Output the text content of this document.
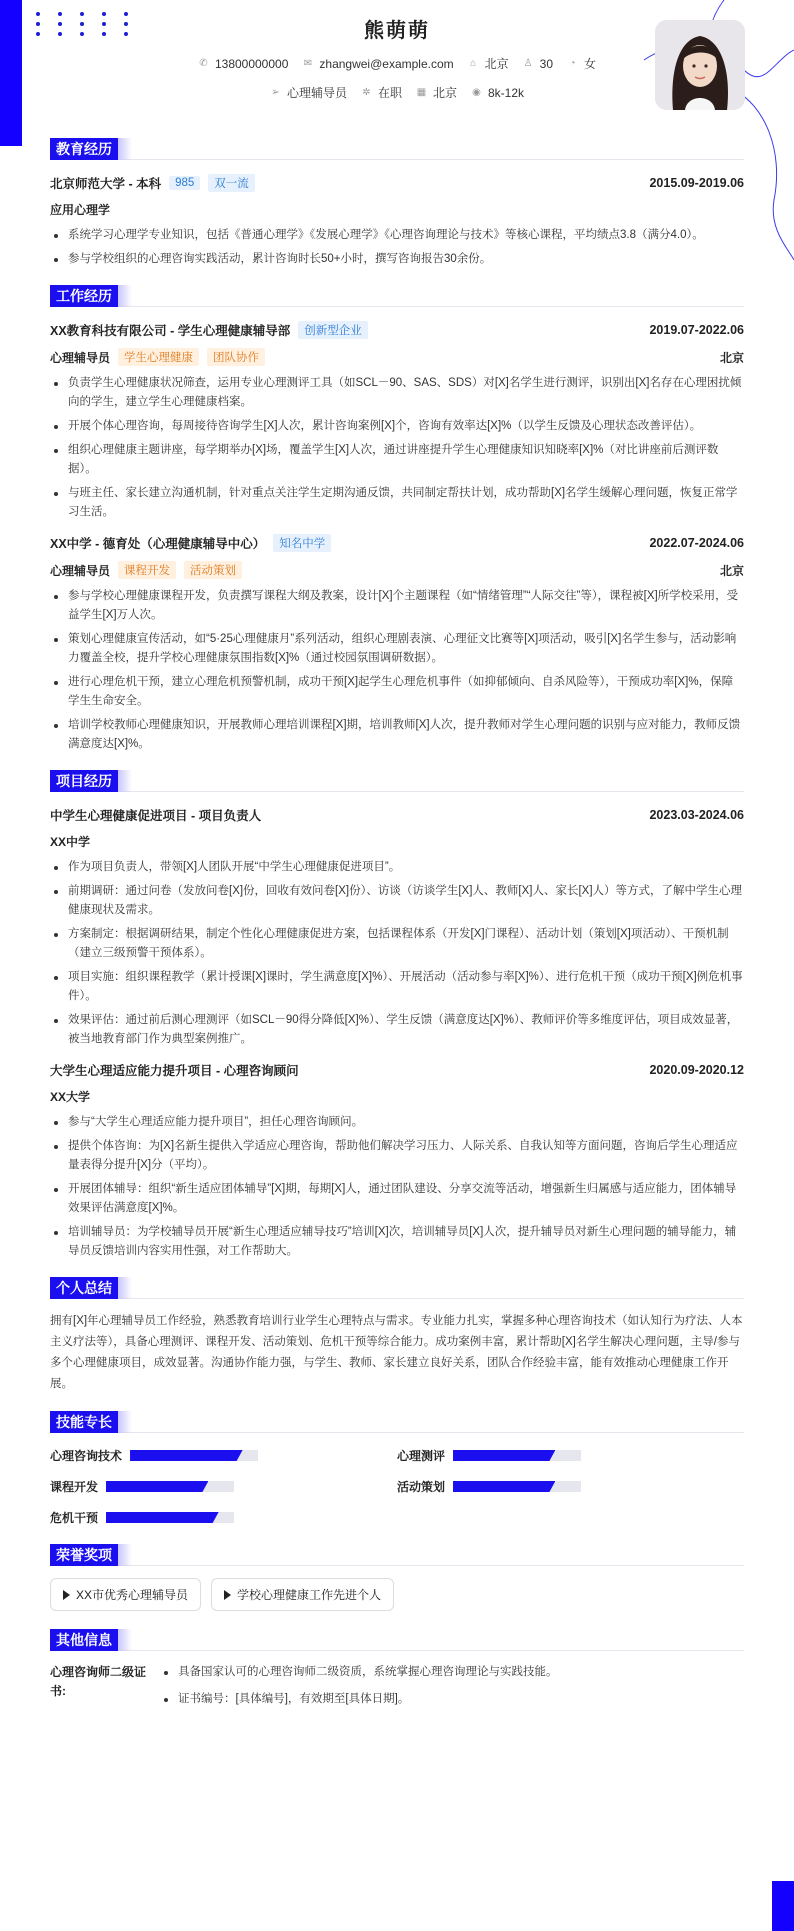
熊萌萌
✆ 13800000000 ✉ zhangwei@example.com ⌂ 北京 ♙ 30 ◔ 女
➢ 心理辅导员 ✲ 在职 ▦ 北京 ◉ 8k-12k
教育经历
北京师范大学 - 本科	985	双一流	2015.09-2019.06
应用心理学
系统学习心理学专业知识，包括《普通心理学》《发展心理学》《心理咨询理论与技术》等核心课程，平均绩点3.8（满分4.0）。
参与学校组织的心理咨询实践活动，累计咨询时长50+小时，撰写咨询报告30余份。
工作经历
XX教育科技有限公司 - 学生心理健康辅导部	创新型企业	2019.07-2022.06
心理辅导员	学生心理健康	团队协作	北京
负责学生心理健康状况筛查，运用专业心理测评工具（如SCL－90、SAS、SDS）对[X]名学生进行测评，识别出[X]名存在心理困扰倾向的学生，建立学生心理健康档案。
开展个体心理咨询，每周接待咨询学生[X]人次，累计咨询案例[X]个，咨询有效率达[X]%（以学生反馈及心理状态改善评估）。
组织心理健康主题讲座，每学期举办[X]场，覆盖学生[X]人次，通过讲座提升学生心理健康知识知晓率[X]%（对比讲座前后测评数据）。
与班主任、家长建立沟通机制，针对重点关注学生定期沟通反馈，共同制定帮扶计划，成功帮助[X]名学生缓解心理问题，恢复正常学习生活。
XX中学 - 德育处（心理健康辅导中心）	知名中学	2022.07-2024.06
心理辅导员	课程开发	活动策划	北京
参与学校心理健康课程开发，负责撰写课程大纲及教案，设计[X]个主题课程（如“情绪管理”“人际交往”等），课程被[X]所学校采用，受益学生[X]万人次。
策划心理健康宣传活动，如“5·25心理健康月”系列活动，组织心理剧表演、心理征文比赛等[X]项活动，吸引[X]名学生参与，活动影响力覆盖全校，提升学校心理健康氛围指数[X]%（通过校园氛围调研数据）。
进行心理危机干预，建立心理危机预警机制，成功干预[X]起学生心理危机事件（如抑郁倾向、自杀风险等），干预成功率[X]%，保障学生生命安全。
培训学校教师心理健康知识，开展教师心理培训课程[X]期，培训教师[X]人次，提升教师对学生心理问题的识别与应对能力，教师反馈满意度达[X]%。
项目经历
中学生心理健康促进项目 - 项目负责人	2023.03-2024.06
XX中学
作为项目负责人，带领[X]人团队开展“中学生心理健康促进项目”。
前期调研：通过问卷（发放问卷[X]份，回收有效问卷[X]份）、访谈（访谈学生[X]人、教师[X]人、家长[X]人）等方式，了解中学生心理健康现状及需求。
方案制定：根据调研结果，制定个性化心理健康促进方案，包括课程体系（开发[X]门课程）、活动计划（策划[X]项活动）、干预机制（建立三级预警干预体系）。
项目实施：组织课程教学（累计授课[X]课时，学生满意度[X]%）、开展活动（活动参与率[X]%）、进行危机干预（成功干预[X]例危机事件）。
效果评估：通过前后测心理测评（如SCL－90得分降低[X]%）、学生反馈（满意度达[X]%）、教师评价等多维度评估，项目成效显著，被当地教育部门作为典型案例推广。
大学生心理适应能力提升项目 - 心理咨询顾问	2020.09-2020.12
XX大学
参与“大学生心理适应能力提升项目”，担任心理咨询顾问。
提供个体咨询：为[X]名新生提供入学适应心理咨询，帮助他们解决学习压力、人际关系、自我认知等方面问题，咨询后学生心理适应量表得分提升[X]分（平均）。
开展团体辅导：组织“新生适应团体辅导”[X]期，每期[X]人，通过团队建设、分享交流等活动，增强新生归属感与适应能力，团体辅导效果评估满意度[X]%。
培训辅导员：为学校辅导员开展“新生心理适应辅导技巧”培训[X]次，培训辅导员[X]人次，提升辅导员对新生心理问题的辅导能力，辅导员反馈培训内容实用性强，对工作帮助大。
个人总结

拥有[X]年心理辅导员工作经验，熟悉教育培训行业学生心理特点与需求。专业能力扎实，掌握多种心理咨询技术（如认知行为疗法、人本主义疗法等），具备心理测评、课程开发、活动策划、危机干预等综合能力。成功案例丰富，累计帮助[X]名学生解决心理问题，主导/参与多个心理健康项目，成效显著。沟通协作能力强，与学生、教师、家长建立良好关系，团队合作经验丰富，能有效推动心理健康工作开展。

技能专长
心理咨询技术	心理测评
课程开发	活动策划
危机干预
荣誉奖项
XX市优秀心理辅导员	学校心理健康工作先进个人
其他信息
心理咨询师二级证书:
具备国家认可的心理咨询师二级资质，系统掌握心理咨询理论与实践技能。
证书编号：[具体编号]，有效期至[具体日期]。
